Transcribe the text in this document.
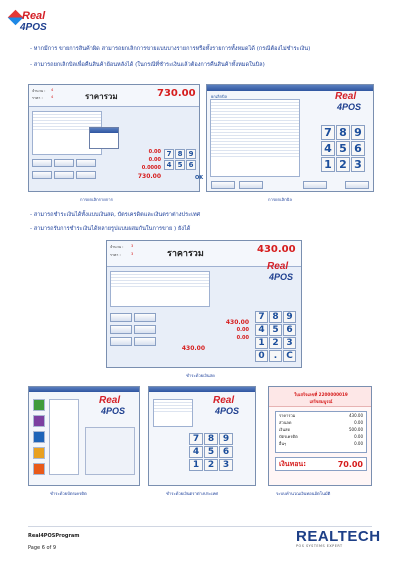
Real
4POS
- หากมีการ ขายการสินค้าผิด สามารถยกเลิกการขายแบบบางรายการหรือทั้งรายการทั้งหมดได้ (กรณีต้องไม่ชำระเงิน)
- สามารถยกเลิกบิลเพื่อคืนสินค้าย้อนหลังได้ (ในกรณีที่ชำระเงินแล้วต้องการคืนสินค้าทั้งหมดในบิล)
จำนวน : 4
ราคา : 4	ราคารวม	730.00
0.00
0.00
0.0000
730.00
7 8 9
4 5 6
OK
การยกเลิกรายการ
ยกเลิกบิล	Real
4POS
7 8 9
4 5 6
1 2 3
การยกเลิกบิล
- สามารถชำระเงินได้ทั้งแบบเงินสด, บัตรเครดิตและเงินตราต่างประเทศ
- สามารถรับการชำระเงินได้หลายรูปแบบผสมกันในการขาย ) ยังได้
จำนวน : 3
ราคา :	3	ราคารวม	430.00
Real
4POS
430.00
0.00
0.00
430.00
7 8 9
4 5 6
1 2 3
0	. C
ชำระด้วยเงินสด
Real
4POS
ชำระด้วยบัตรเครดิต
Real
4POS
7 8 9
4 5 6
1 2 3
ชำระด้วยเงินตราต่างประเทศ
ใบเสร็จเลขที่ 2200000019
เสร็จสมบูรณ์
ราคารวม	430.00
ส่วนลด	0.00
เงินสด	500.00
บัตรเครดิต	0.00
อื่นๆ	0.00
เงินทอน:	70.00
ระบบคำนวณเงินทอนอัตโนมัติ
Real4POSProgram
Page 6 of 9
REALTECH
POS SYSTEMS EXPERT
